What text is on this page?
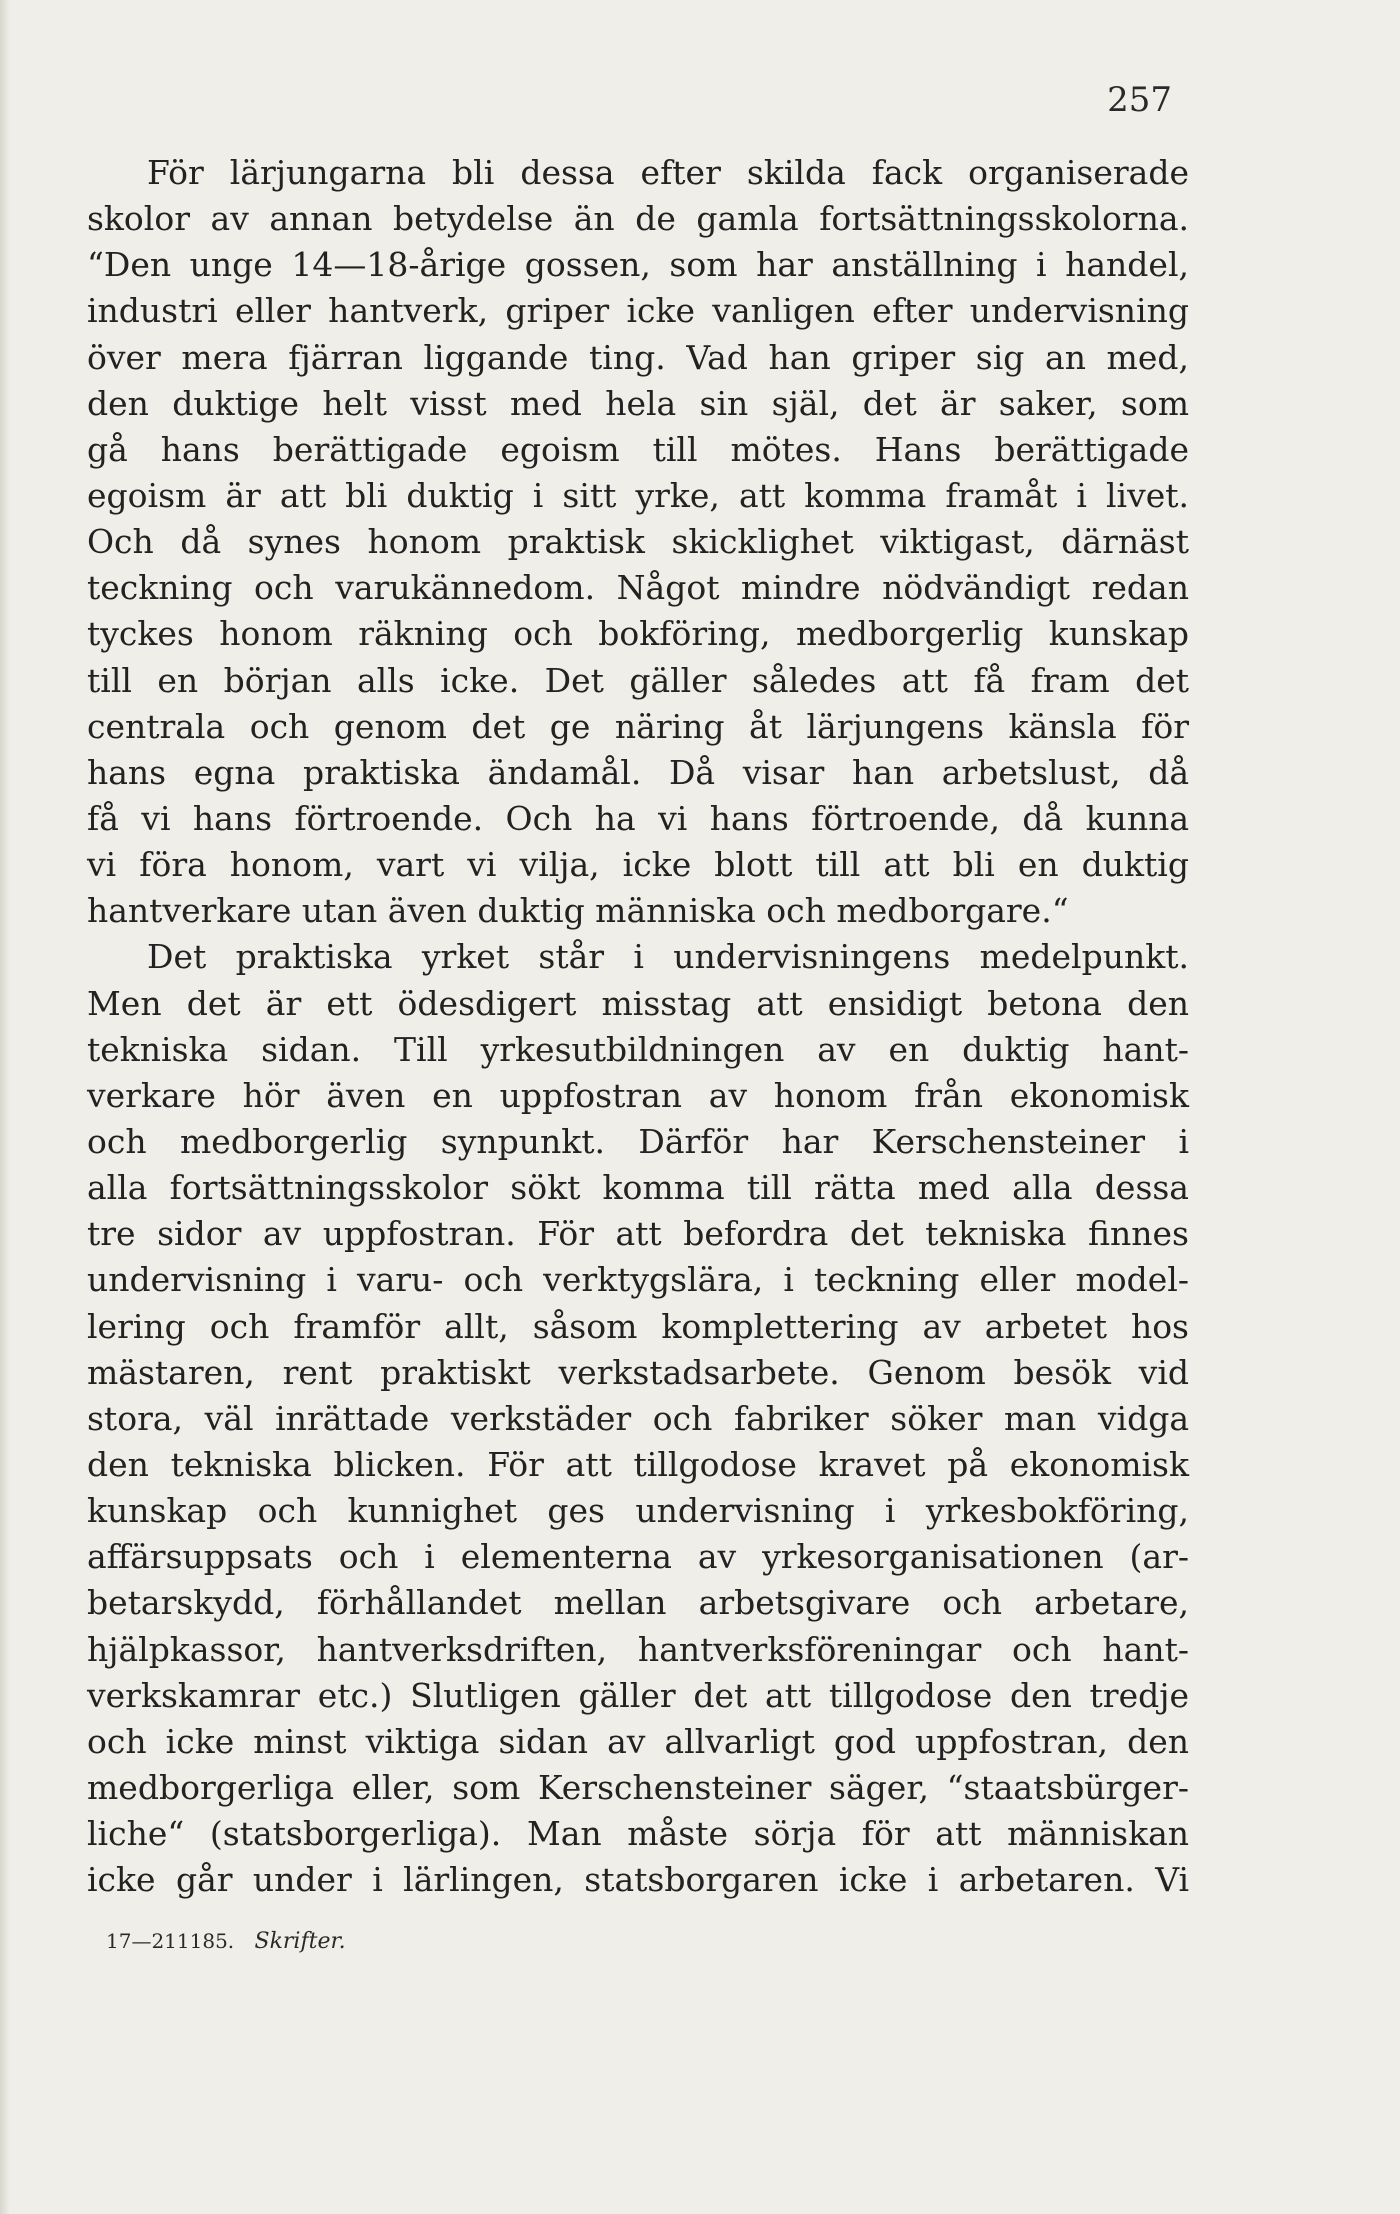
257
För lärjungarna bli dessa efter skilda fack organiserade
skolor av annan betydelse än de gamla fortsättningsskolorna.
“Den unge 14—18-årige gossen, som har anställning i handel,
industri eller hantverk, griper icke vanligen efter undervisning
över mera fjärran liggande ting. Vad han griper sig an med,
den duktige helt visst med hela sin själ, det är saker, som
gå hans berättigade egoism till mötes. Hans berättigade
egoism är att bli duktig i sitt yrke, att komma framåt i livet.
Och då synes honom praktisk skicklighet viktigast, därnäst
teckning och varukännedom. Något mindre nödvändigt redan
tyckes honom räkning och bokföring, medborgerlig kunskap
till en början alls icke. Det gäller således att få fram det
centrala och genom det ge näring åt lärjungens känsla för
hans egna praktiska ändamål. Då visar han arbetslust, då
få vi hans förtroende. Och ha vi hans förtroende, då kunna
vi föra honom, vart vi vilja, icke blott till att bli en duktig
hantverkare utan även duktig människa och medborgare.“
Det praktiska yrket står i undervisningens medelpunkt.
Men det är ett ödesdigert misstag att ensidigt betona den
tekniska sidan. Till yrkesutbildningen av en duktig hant-
verkare hör även en uppfostran av honom från ekonomisk
och medborgerlig synpunkt. Därför har Kerschensteiner i
alla fortsättningsskolor sökt komma till rätta med alla dessa
tre sidor av uppfostran. För att befordra det tekniska finnes
undervisning i varu- och verktygslära, i teckning eller model-
lering och framför allt, såsom komplettering av arbetet hos
mästaren, rent praktiskt verkstadsarbete. Genom besök vid
stora, väl inrättade verkstäder och fabriker söker man vidga
den tekniska blicken. För att tillgodose kravet på ekonomisk
kunskap och kunnighet ges undervisning i yrkesbokföring,
affärsuppsats och i elementerna av yrkesorganisationen (ar-
betarskydd, förhållandet mellan arbetsgivare och arbetare,
hjälpkassor, hantverksdriften, hantverksföreningar och hant-
verkskamrar etc.) Slutligen gäller det att tillgodose den tredje
och icke minst viktiga sidan av allvarligt god uppfostran, den
medborgerliga eller, som Kerschensteiner säger, “staatsbürger-
liche“ (statsborgerliga). Man måste sörja för att människan
icke går under i lärlingen, statsborgaren icke i arbetaren. Vi
17—211185. Skrifter.
